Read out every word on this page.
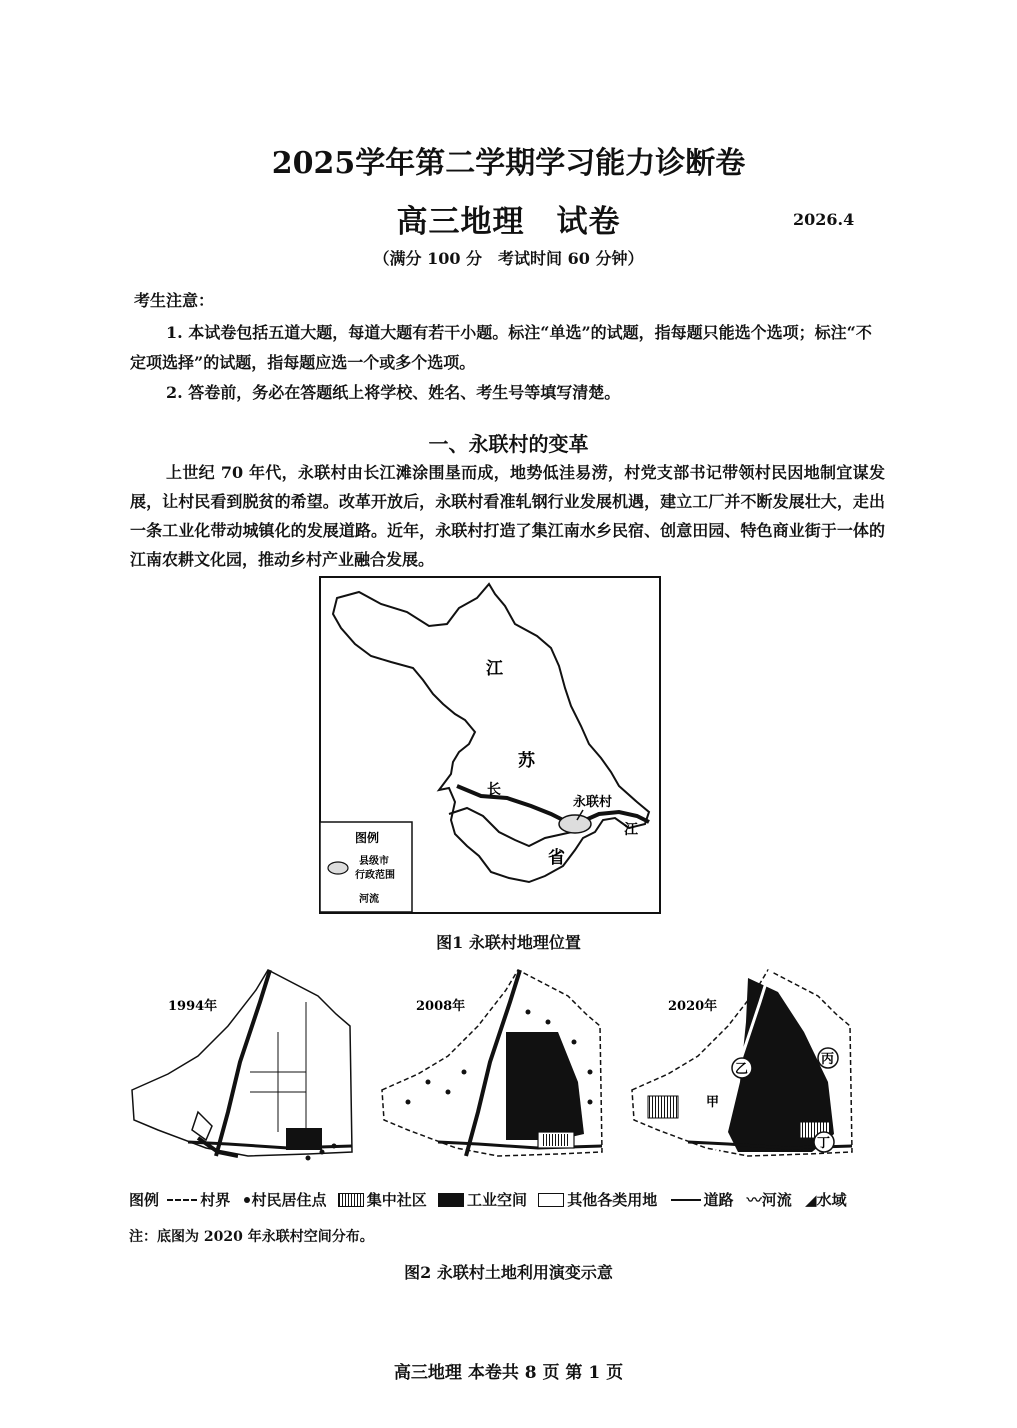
2025学年第二学期学习能力诊断卷
高三地理　试卷	2026.4
（满分 100 分　考试时间 60 分钟）
考生注意：

1. 本试卷包括五道大题，每道大题有若干小题。标注“单选”的试题，指每题只能选个选项；标注“不定项选择”的试题，指每题应选一个或多个选项。

2. 答卷前，务必在答题纸上将学校、姓名、考生号等填写清楚。

一、永联村的变革
上世纪 70 年代，永联村由长江滩涂围垦而成，地势低洼易涝，村党支部书记带领村民因地制宜谋发展，让村民看到脱贫的希望。改革开放后，永联村看准轧钢行业发展机遇，建立工厂并不断发展壮大，走出一条工业化带动城镇化的发展道路。近年，永联村打造了集江南水乡民宿、创意田园、特色商业街于一体的江南农耕文化园，推动乡村产业融合发展。
江
苏
省
长
江
永联村
图例
县级市
行政范围
河流
图1 永联村地理位置
1994年	2008年
乙
丙
甲
丁
2020年
图例	村界 村民居住点	集中社区	工业空间	其他各类用地	道路 〰河流 ◢水域
注：底图为 2020 年永联村空间分布。
图2 永联村土地利用演变示意
高三地理 本卷共 8 页 第 1 页
